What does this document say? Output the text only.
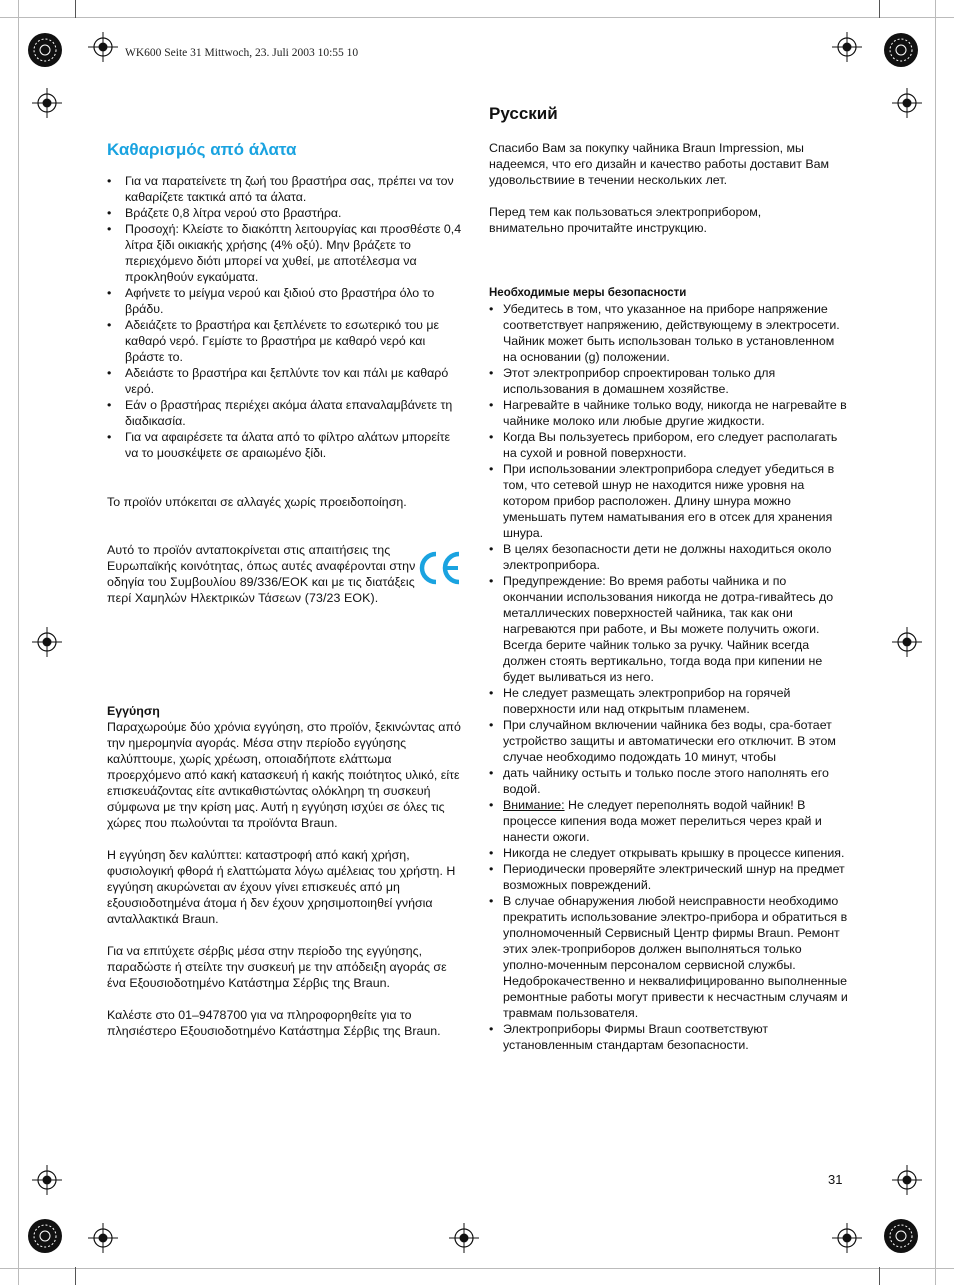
WK600 Seite 31 Mittwoch, 23. Juli 2003 10:55 10
Καθαρισμός από άλατα
• Για να παρατείνετε τη ζωή του βραστήρα σας, πρέπει να τον καθαρίζετε τακτικά από τα άλατα.
• Βράζετε 0,8 λίτρα νερού στο βραστήρα.
• Προσοχή: Κλείστε το διακόπτη λειτουργίας και προσθέστε 0,4 λίτρα ξίδι οικιακής χρήσης (4% οξύ). Μην βράζετε το περιεχόμενο διότι μπορεί να χυθεί, με αποτέλεσμα να προκληθούν εγκαύματα.
• Αφήνετε το μείγμα νερού και ξιδιού στο βραστήρα όλο το βράδυ.
• Αδειάζετε το βραστήρα και ξεπλένετε το εσωτερικό του με καθαρό νερό. Γεμίστε το βραστήρα με καθαρό νερό και βράστε το.
• Αδειάστε το βραστήρα και ξεπλύντε τον και πάλι με καθαρό νερό.
• Εάν ο βραστήρας περιέχει ακόμα άλατα επαναλαμβάνετε τη διαδικασία.
• Για να αφαιρέσετε τα άλατα από το φίλτρο αλάτων μπορείτε να το μουσκέψετε σε αραιωμένο ξίδι.

Το προϊόν υπόκειται σε αλλαγές χωρίς προειδοποίηση.

Αυτό το προϊόν ανταποκρίνεται στις απαιτήσεις της Ευρωπαϊκής κοινότητας, όπως αυτές αναφέρονται στην οδηγία του Συμβουλίου 89/336/ΕΟΚ και με τις διατάξεις περί Χαμηλών Ηλεκτρικών Τάσεων (73/23 ΕΟΚ).

Εγγύηση

Παραχωρούμε δύο χρόνια εγγύηση, στο προϊόν, ξεκινώντας από την ημερομηνία αγοράς. Μέσα στην περίοδο εγγύησης καλύπτουμε, χωρίς χρέωση, οποιαδήποτε ελάττωμα προερχόμενο από κακή κατασκευή ή κακής ποιότητος υλικό, είτε επισκευάζοντας είτε αντικαθιστώντας ολόκληρη τη συσκευή σύμφωνα με την κρίση μας. Αυτή η εγγύηση ισχύει σε όλες τις χώρες που πωλούνται τα προϊόντα Braun.

Η εγγύηση δεν καλύπτει: καταστροφή από κακή χρήση, φυσιολογική φθορά ή ελαττώματα λόγω αμέλειας του χρήστη. Η εγγύηση ακυρώνεται αν έχουν γίνει επισκευές από μη εξουσιοδοτημένα άτομα ή δεν έχουν χρησιμοποιηθεί γνήσια ανταλλακτικά Braun.

Για να επιτύχετε σέρβις μέσα στην περίοδο της εγγύησης, παραδώστε ή στείλτε την συσκευή με την απόδειξη αγοράς σε ένα Εξουσιοδοτημένο Κατάστημα Σέρβις της Braun.

Καλέστε στο 01–9478700 για να πληροφορηθείτε για το πλησιέστερο Εξουσιοδοτημένο Κατάστημα Σέρβις της Braun.

Русский

Спасибо Вам за покупку чайника Braun Impression, мы надеемся, что его дизайн и качество работы доставит Вам удовольствиие в течении нескольких лет.

Перед тем как пользоваться электроприбором, внимательно прочитайте инструкцию.

Необходимые меры безопасности

• Убедитесь в том, что указанное на приборе напряжение соответствует напряжению, действующему в электросети. Чайник может быть использован только в установленном на основании (g) положении.
• Этот электроприбор спроектирован только для использования в домашнем хозяйстве.
• Нагревайте в чайнике только воду, никогда не нагревайте в чайнике молоко или любые другие жидкости.
• Когда Вы пользуетесь прибором, его следует располагать на сухой и ровной поверхности.
• При использовании электроприбора следует убедиться в том, что сетевой шнур не находится ниже уровня на котором прибор расположен. Длину шнура можно уменьшать путем наматывания его в отсек для хранения шнура.
• В целях безопасности дети не должны находиться около электроприбора.
• Предупреждение: Во время работы чайника и по окончании использования никогда не дотра-гивайтесь до металлических поверхностей чайника, так как они нагреваются при работе, и Вы можете получить ожоги. Всегда берите чайник только за ручку. Чайник всегда должен стоять вертикально, тогда вода при кипении не будет выливаться из него.
• Не следует размещать электроприбор на горячей поверхности или над открытым пламенем.
• При случайном включении чайника без воды, сра-ботает устройство защиты и автоматически его отключит. В этом случае необходимо подождать 10 минут, чтобы
• дать чайнику остыть и только после этого наполнять его водой.
• Внимание: Не следует переполнять водой чайник! В процессе кипения вода может перелиться через край и нанести ожоги.
• Никогда не следует открывать крышку в процессе кипения.
• Периодически проверяйте электрический шнур на предмет возможных повреждений.
• В случае обнаружения любой неисправности необходимо прекратить использование электро-прибора и обратиться в уполномоченный Сервисный Центр фирмы Braun. Ремонт этих элек-троприборов должен выполняться только уполно-моченным персоналом сервисной службы. Недоброкачественно и неквалифицированно выполненные ремонтные работы могут привести к несчастным случаям и травмам пользователя.
• Электроприборы Фирмы Braun соответствуют установленным стандартам безопасности.
31
